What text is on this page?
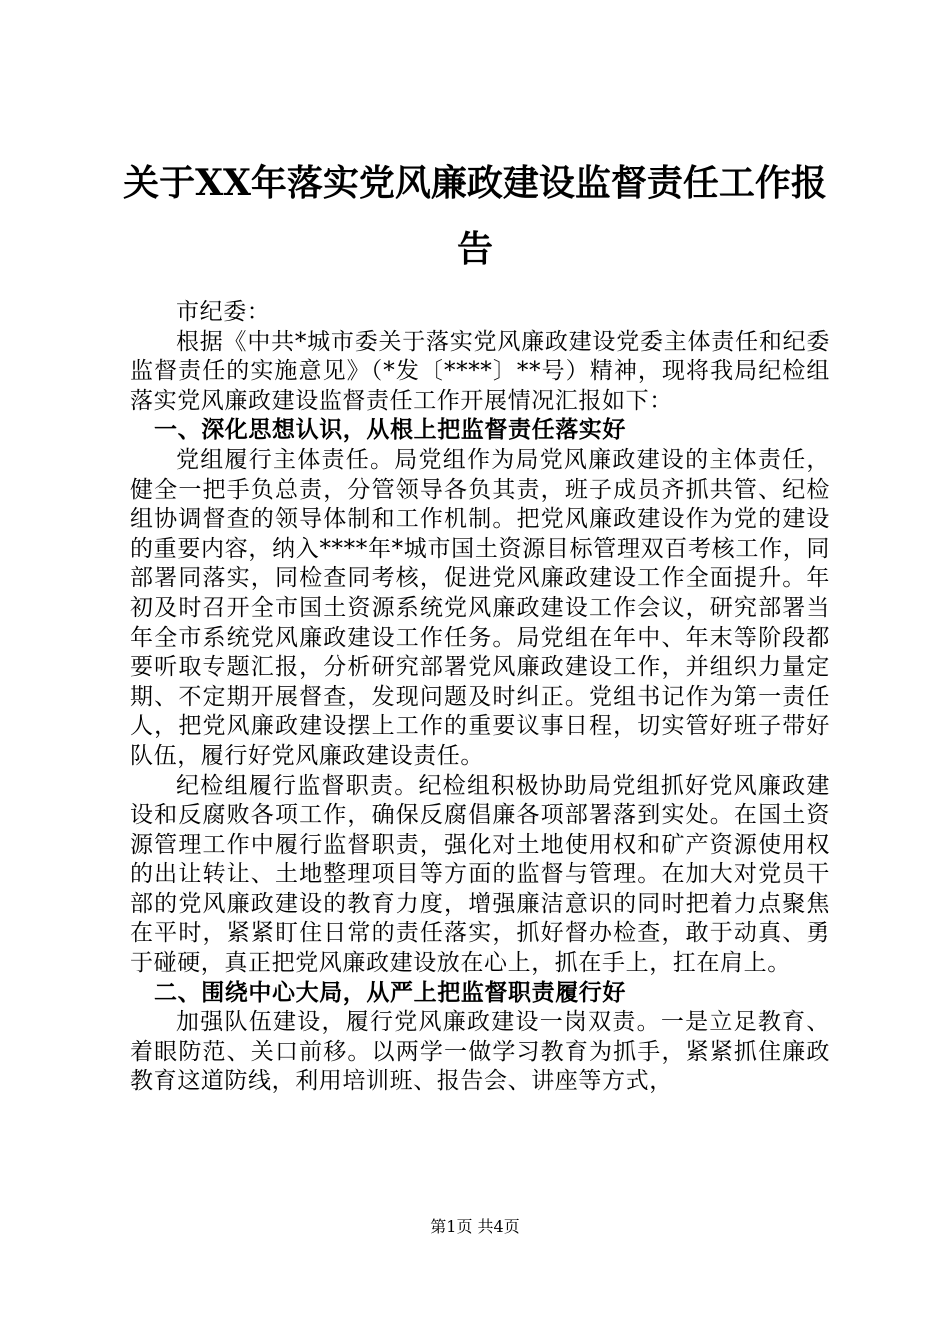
关于XX年落实党风廉政建设监督责任工作报告

市纪委：

根据《中共*城市委关于落实党风廉政建设党委主体责任和纪委监督责任的实施意见》（*发〔****〕**号）精神，现将我局纪检组落实党风廉政建设监督责任工作开展情况汇报如下：

一、深化思想认识，从根上把监督责任落实好

党组履行主体责任。局党组作为局党风廉政建设的主体责任，健全一把手负总责，分管领导各负其责，班子成员齐抓共管、纪检组协调督查的领导体制和工作机制。把党风廉政建设作为党的建设的重要内容，纳入****年*城市国土资源目标管理双百考核工作，同部署同落实，同检查同考核，促进党风廉政建设工作全面提升。年初及时召开全市国土资源系统党风廉政建设工作会议，研究部署当年全市系统党风廉政建设工作任务。局党组在年中、年末等阶段都要听取专题汇报，分析研究部署党风廉政建设工作，并组织力量定期、不定期开展督查，发现问题及时纠正。党组书记作为第一责任人，把党风廉政建设摆上工作的重要议事日程，切实管好班子带好队伍，履行好党风廉政建设责任。

纪检组履行监督职责。纪检组积极协助局党组抓好党风廉政建设和反腐败各项工作，确保反腐倡廉各项部署落到实处。在国土资源管理工作中履行监督职责，强化对土地使用权和矿产资源使用权的出让转让、土地整理项目等方面的监督与管理。在加大对党员干部的党风廉政建设的教育力度，增强廉洁意识的同时把着力点聚焦在平时，紧紧盯住日常的责任落实，抓好督办检查，敢于动真、勇于碰硬，真正把党风廉政建设放在心上，抓在手上，扛在肩上。

二、围绕中心大局，从严上把监督职责履行好

加强队伍建设，履行党风廉政建设一岗双责。一是立足教育、着眼防范、关口前移。以两学一做学习教育为抓手，紧紧抓住廉政教育这道防线，利用培训班、报告会、讲座等方式，

第1页 共4页
